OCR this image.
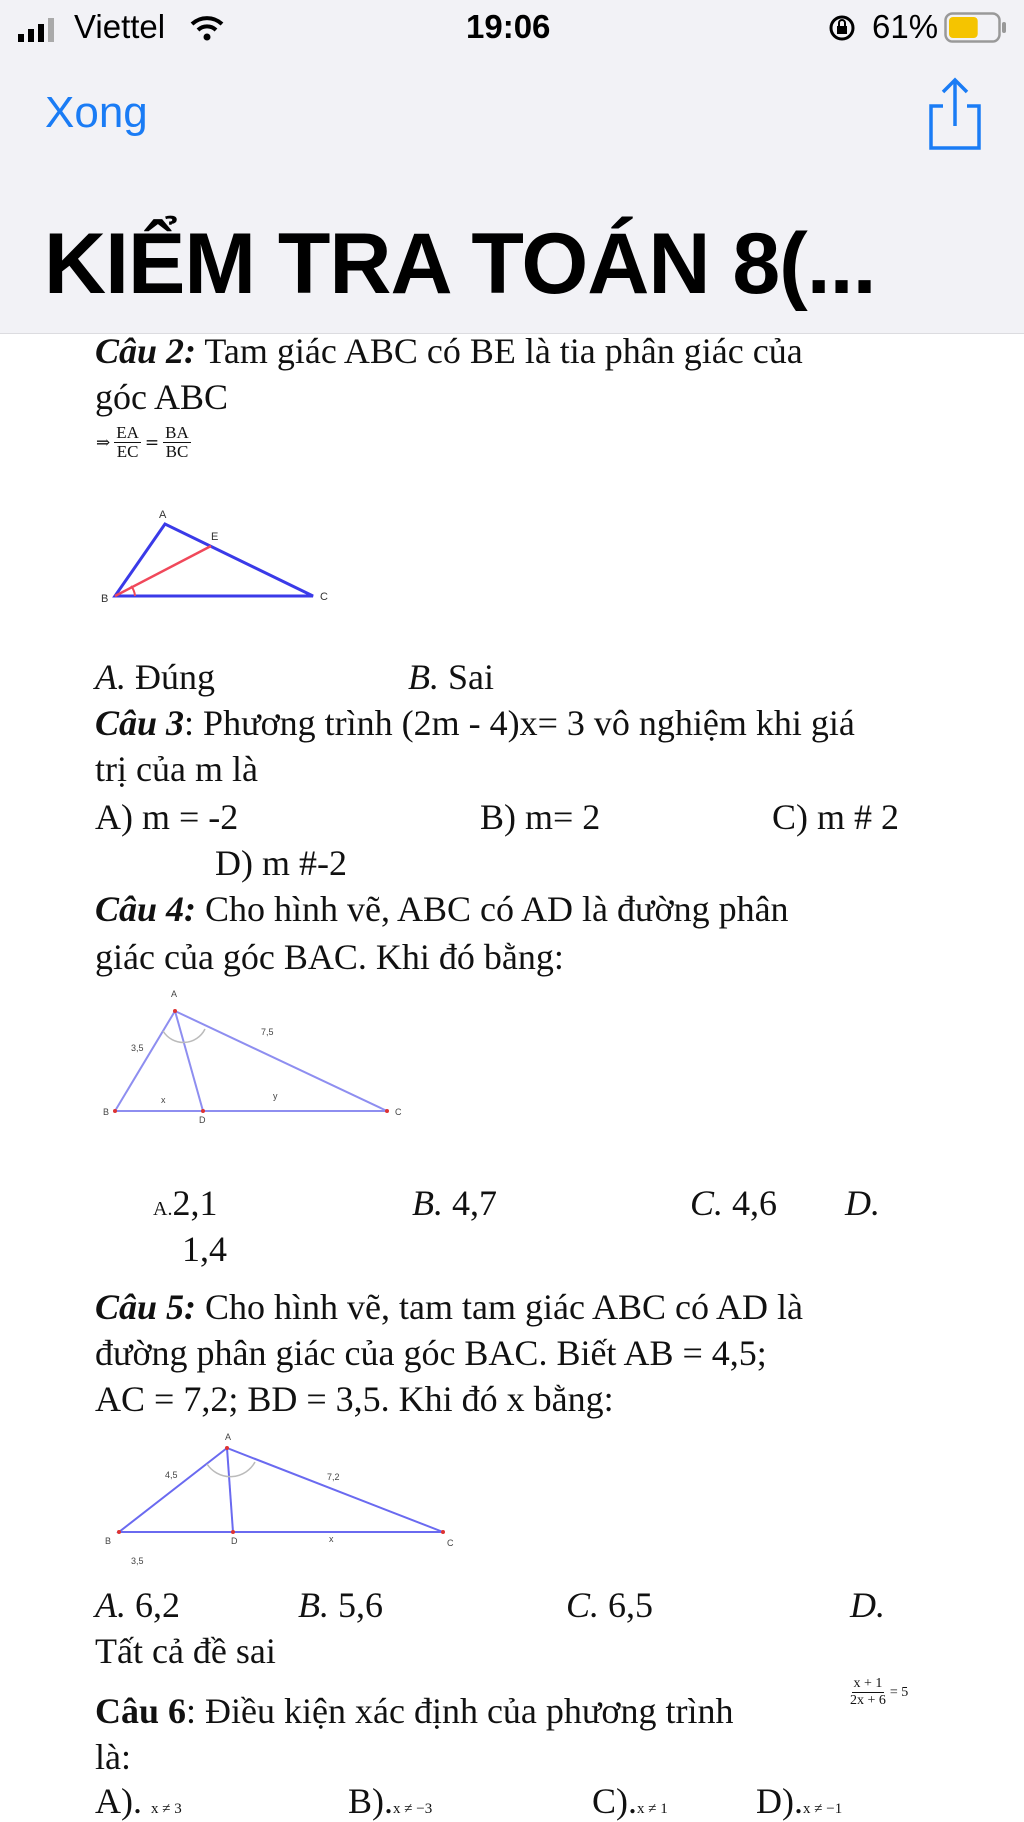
Viettel	19:06	61%
Xong
KIỂM TRA TOÁN 8(...
Câu 2: Tam giác ABC có BE là tia phân giác của
góc ABC
⇒ $\frac{EA}{EC} = \frac{BA}{BC}$
A
E
B	C
A. Đúng	B. Sai
Câu 3: Phương trình (2m - 4)x= 3 vô nghiệm khi giá
trị của m là
A) m = -2	B) m= 2	C) m # 2
D) m #-2
Câu 4: Cho hình vẽ, ABC có AD là đường phân
giác của góc BAC. Khi đó bằng:
A
B	C
D
3,5
7,5
x	y
A.2,1	B. 4,7	C. 4,6 D.
1,4
Câu 5: Cho hình vẽ, tam tam giác ABC có AD là
đường phân giác của góc BAC. Biết AB = 4,5;
AC = 7,2; BD = 3,5. Khi đó x bằng:
A
B	C
D
4,5	7,2
x
3,5
A. 6,2	B. 5,6	C. 6,5	D.
Tất cả đề sai
Câu 6: Điều kiện xác định của phương trình	$\frac{x + 1}{2x + 6} = 5$
là:
A). x ≠ 3	B).x ≠ −3	C).x ≠ 1 D).x ≠ −1
